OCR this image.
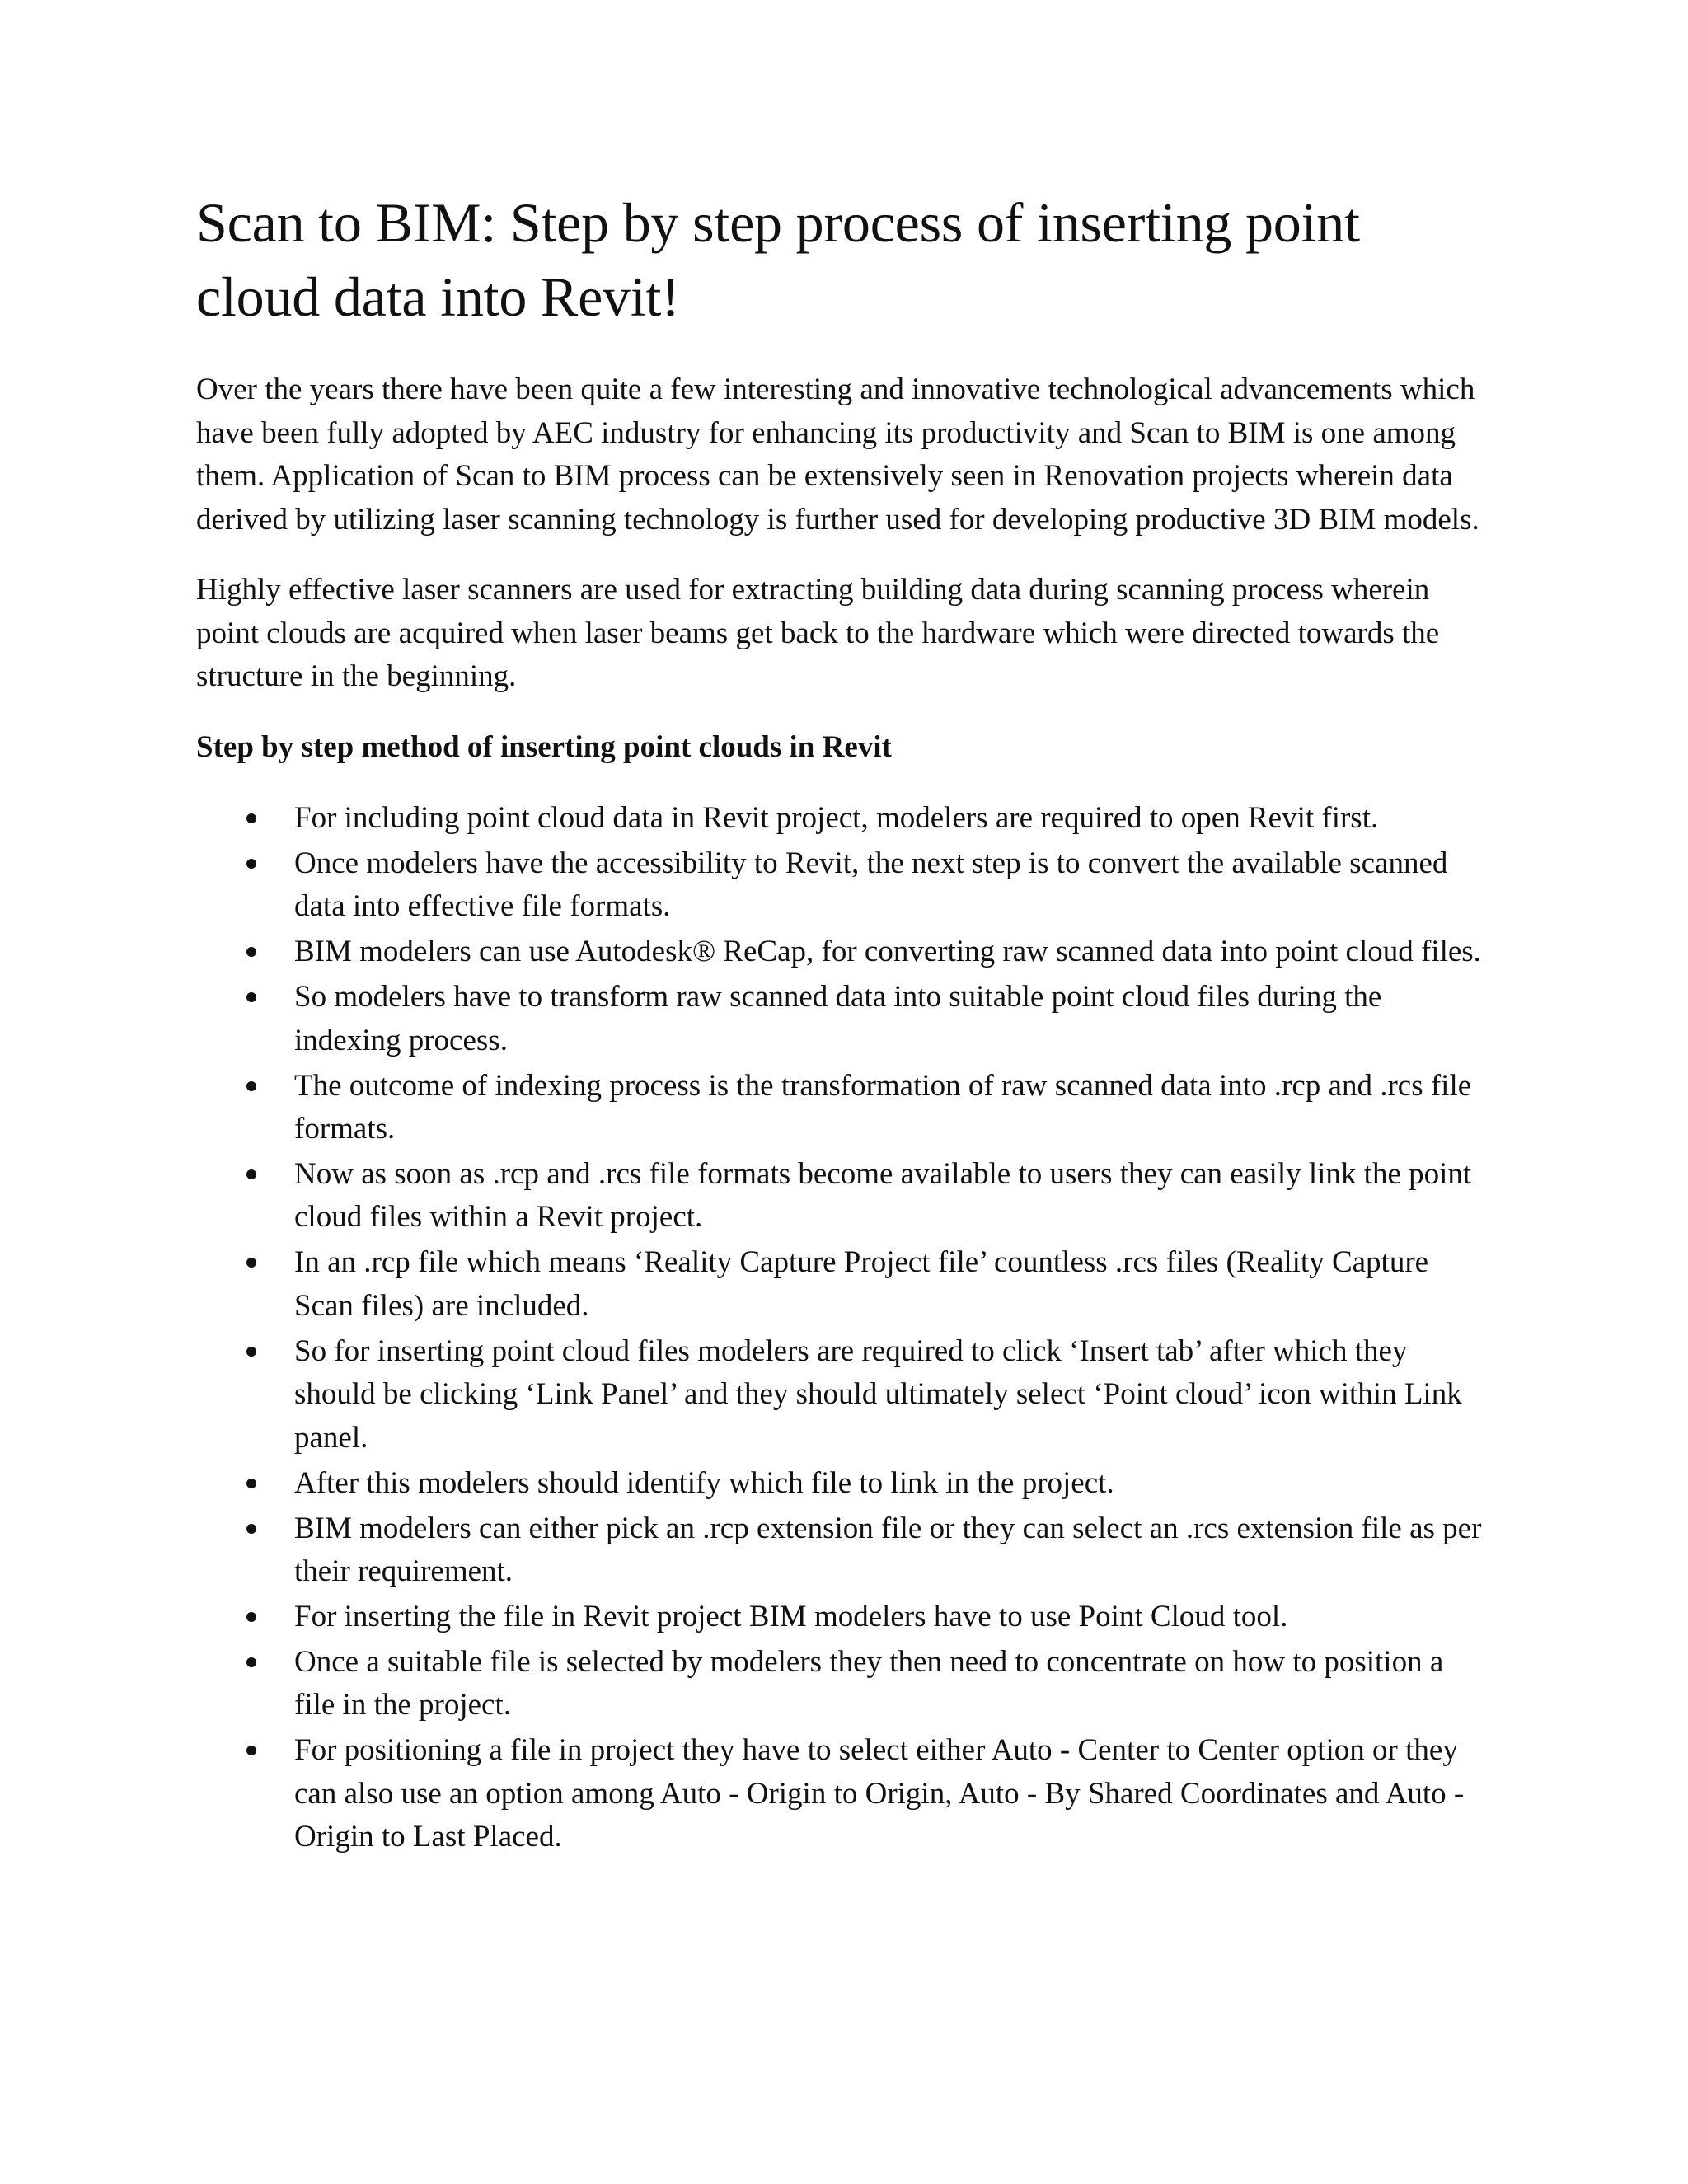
Scan to BIM: Step by step process of inserting point cloud data into Revit!

Over the years there have been quite a few interesting and innovative technological advancements which have been fully adopted by AEC industry for enhancing its productivity and Scan to BIM is one among them. Application of Scan to BIM process can be extensively seen in Renovation projects wherein data derived by utilizing laser scanning technology is further used for developing productive 3D BIM models.

Highly effective laser scanners are used for extracting building data during scanning process wherein point clouds are acquired when laser beams get back to the hardware which were directed towards the structure in the beginning.

Step by step method of inserting point clouds in Revit

For including point cloud data in Revit project, modelers are required to open Revit first.
Once modelers have the accessibility to Revit, the next step is to convert the available scanned data into effective file formats.
BIM modelers can use Autodesk® ReCap, for converting raw scanned data into point cloud files.
So modelers have to transform raw scanned data into suitable point cloud files during the indexing process.
The outcome of indexing process is the transformation of raw scanned data into .rcp and .rcs file formats.
Now as soon as .rcp and .rcs file formats become available to users they can easily link the point cloud files within a Revit project.
In an .rcp file which means ‘Reality Capture Project file’ countless .rcs files (Reality Capture Scan files) are included.
So for inserting point cloud files modelers are required to click ‘Insert tab’ after which they should be clicking ‘Link Panel’ and they should ultimately select ‘Point cloud’ icon within Link panel.
After this modelers should identify which file to link in the project.
BIM modelers can either pick an .rcp extension file or they can select an .rcs extension file as per their requirement.
For inserting the file in Revit project BIM modelers have to use Point Cloud tool.
Once a suitable file is selected by modelers they then need to concentrate on how to position a file in the project.
For positioning a file in project they have to select either Auto - Center to Center option or they can also use an option among Auto - Origin to Origin, Auto - By Shared Coordinates and Auto - Origin to Last Placed.
